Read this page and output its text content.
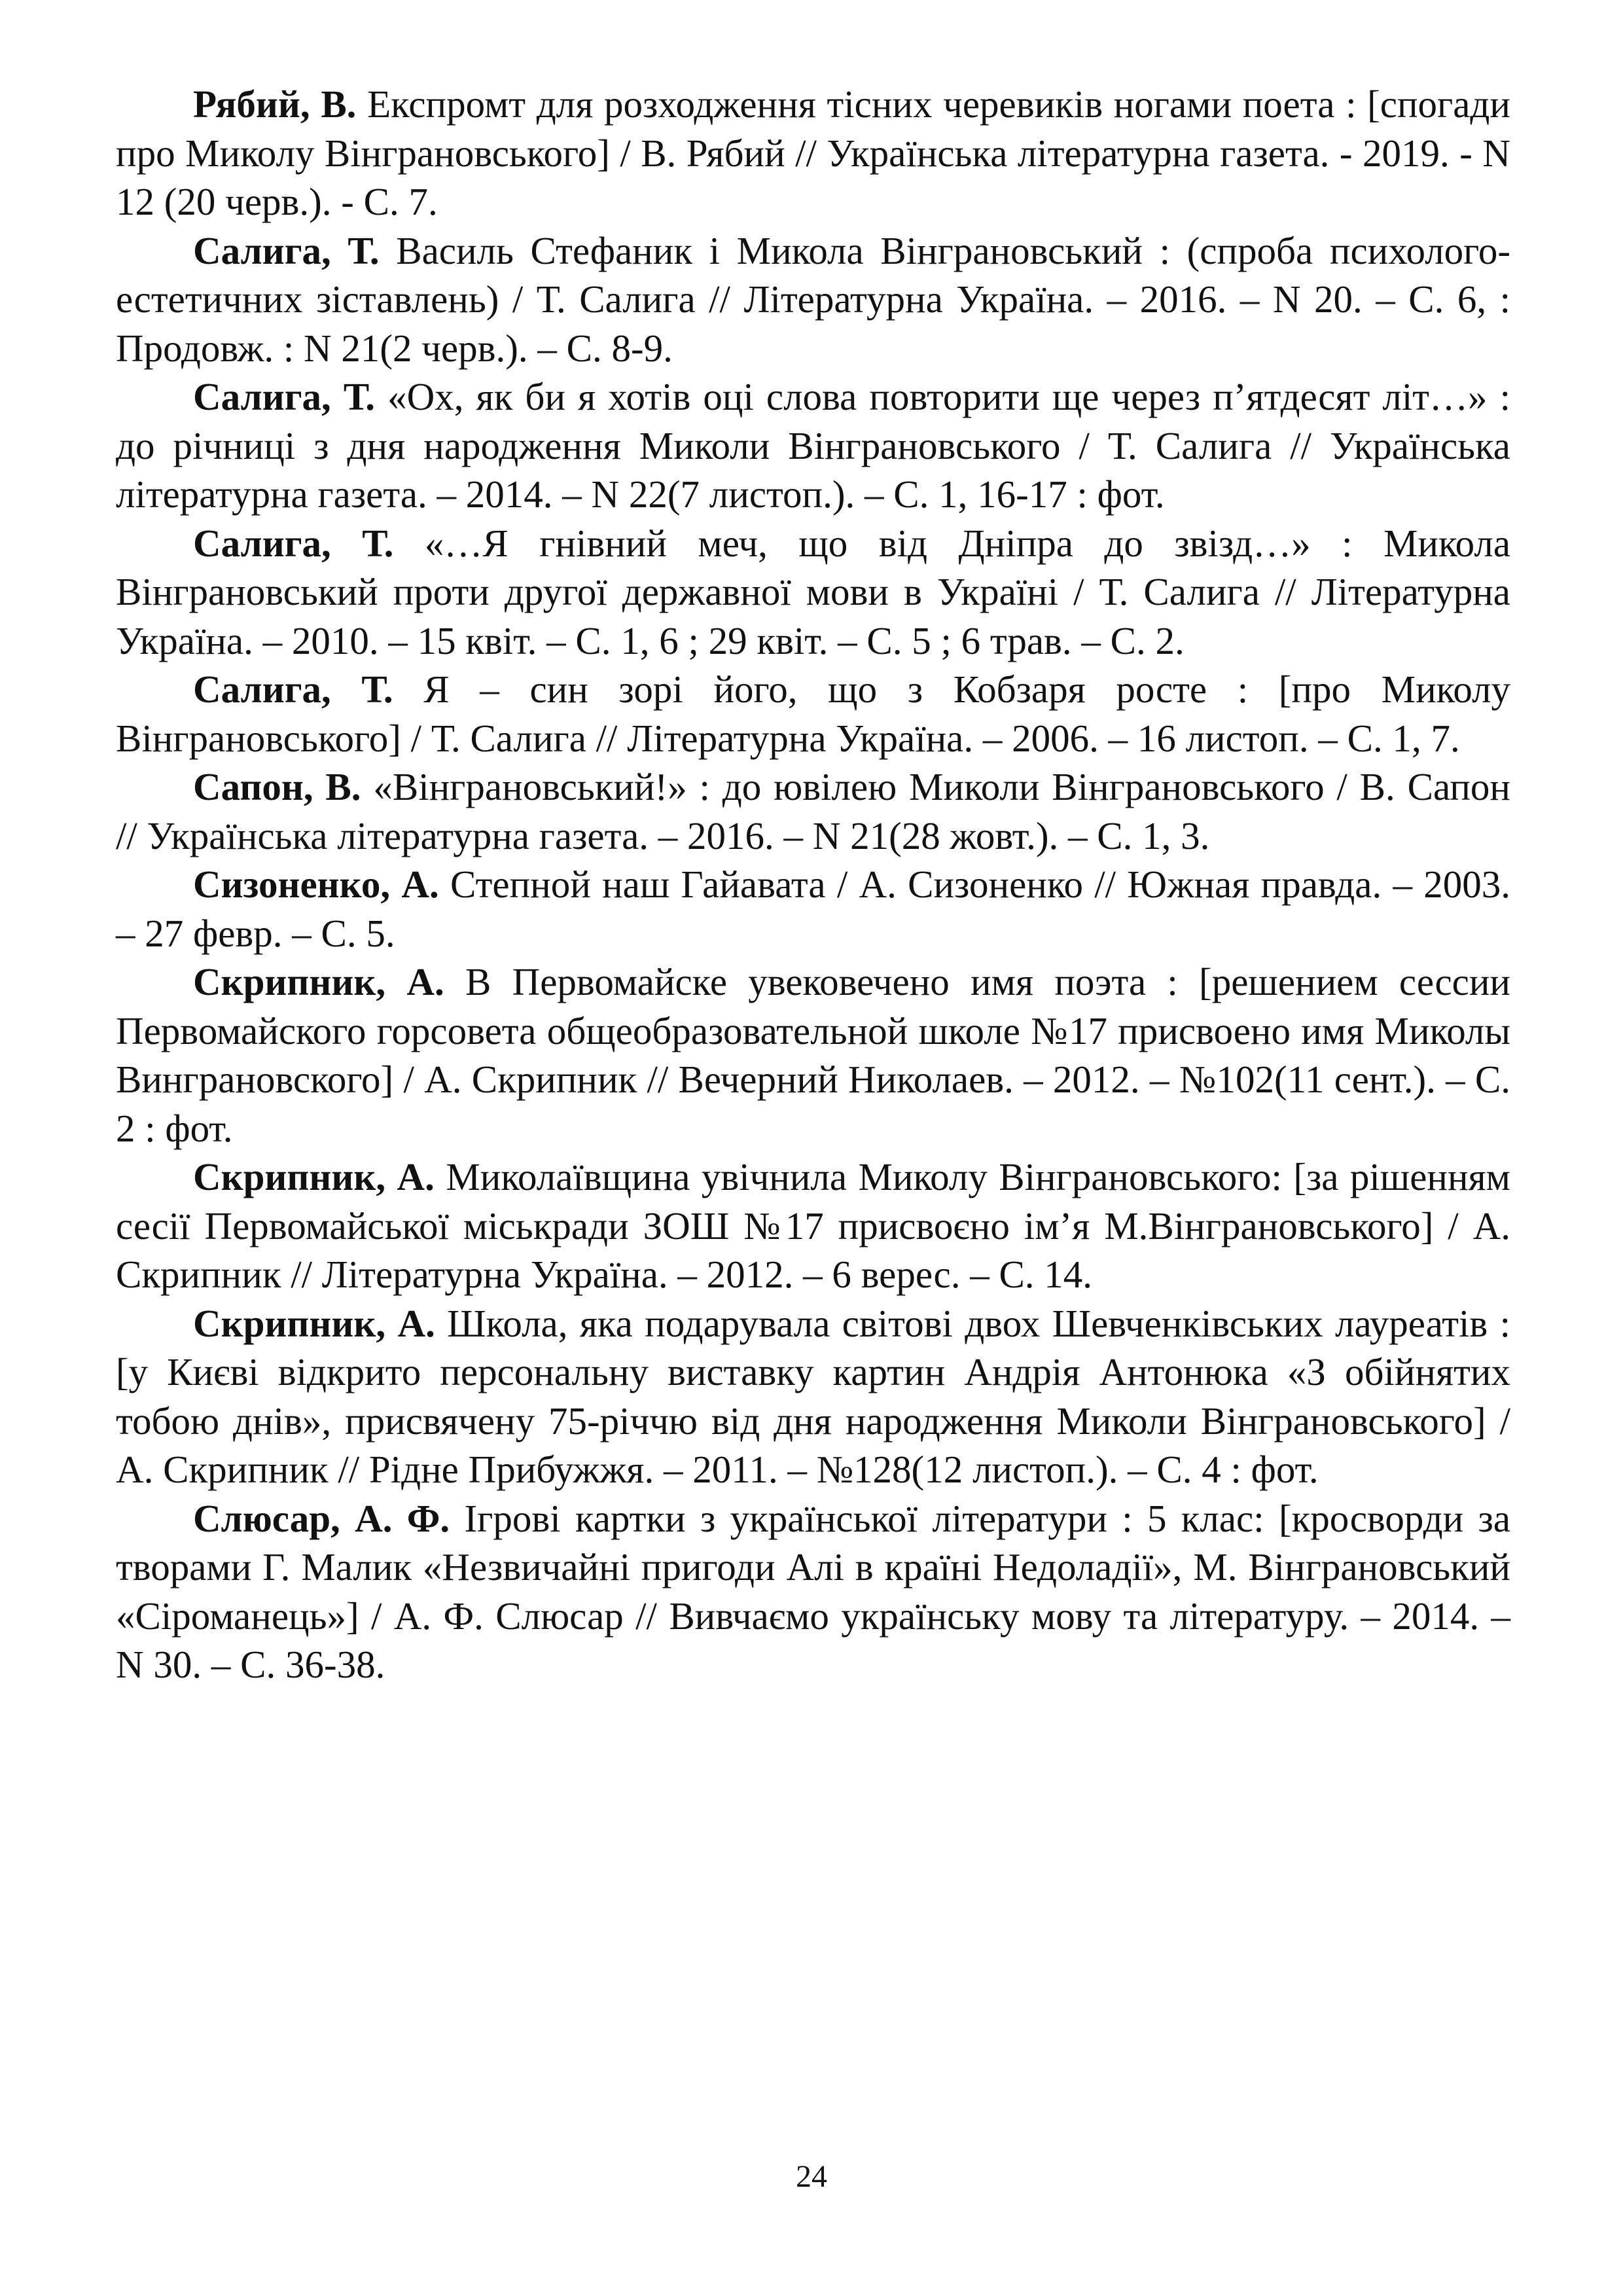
Рябий, В. Експромт для розходження тісних черевиків ногами поета : [спогади про Миколу Вінграновського] / В. Рябий // Українська літературна газета. - 2019. - N 12 (20 черв.). - С. 7.

Салига, Т. Василь Стефаник і Микола Вінграновський : (спроба психолого-естетичних зіставлень) / Т. Салига // Літературна Україна. – 2016. – N 20. – С. 6, : Продовж. : N 21(2 черв.). – С. 8-9.

Салига, Т. «Ох, як би я хотів оці слова повторити ще через п’ятдесят літ…» : до річниці з дня народження Миколи Вінграновського / Т. Салига // Українська літературна газета. – 2014. – N 22(7 листоп.). – С. 1, 16-17 : фот.

Салига, Т. «…Я гнівний меч, що від Дніпра до звізд…» : Микола Вінграновський проти другої державної мови в Україні / Т. Салига // Літературна Україна. – 2010. – 15 квіт. – С. 1, 6 ; 29 квіт. – С. 5 ; 6 трав. – С. 2.

Салига, Т. Я – син зорі його, що з Кобзаря росте : [про Миколу Вінграновського] / Т. Салига // Літературна Україна. – 2006. – 16 листоп. – С. 1, 7.

Сапон, В. «Вінграновський!» : до ювілею Миколи Вінграновського / В. Сапон // Українська літературна газета. – 2016. – N 21(28 жовт.). – С. 1, 3.

Сизоненко, А. Степной наш Гайавата / А. Сизоненко // Южная правда. – 2003. – 27 февр. – С. 5.

Скрипник, А. В Первомайске увековечено имя поэта : [решением сессии Первомайского горсовета общеобразовательной школе №17 присвоено имя Миколы Вингpaновского] / А. Скрипник // Вечерний Николаев. – 2012. – №102(11 сент.). – С. 2 : фот.

Скрипник, А. Миколаївщина увічнила Миколу Вінграновського: [за рішенням сесії Первомайської міськради ЗОШ №17 присвоєно ім’я М.Вінграновського] / А. Скрипник // Літературна Україна. – 2012. – 6 верес. – С. 14.

Скрипник, А. Школа, яка подарувала світові двох Шевченківських лауреатів : [у Києві відкрито персональну виставку картин Андрія Антонюка «З обійнятих тобою днів», присвячену 75-річчю від дня народження Миколи Вінграновського] / А. Скрипник // Рідне Прибужжя. – 2011. – №128(12 листоп.). – С. 4 : фот.

Слюсар, А. Ф. Ігрові картки з української літератури : 5 клас: [кросворди за творами Г. Малик «Незвичайні пригоди Алі в країні Недоладії», М. Вінграновський «Сіроманець»] / А. Ф. Слюсар // Вивчаємо українську мову та літературу. – 2014. – N 30. – С. 36-38.

24
